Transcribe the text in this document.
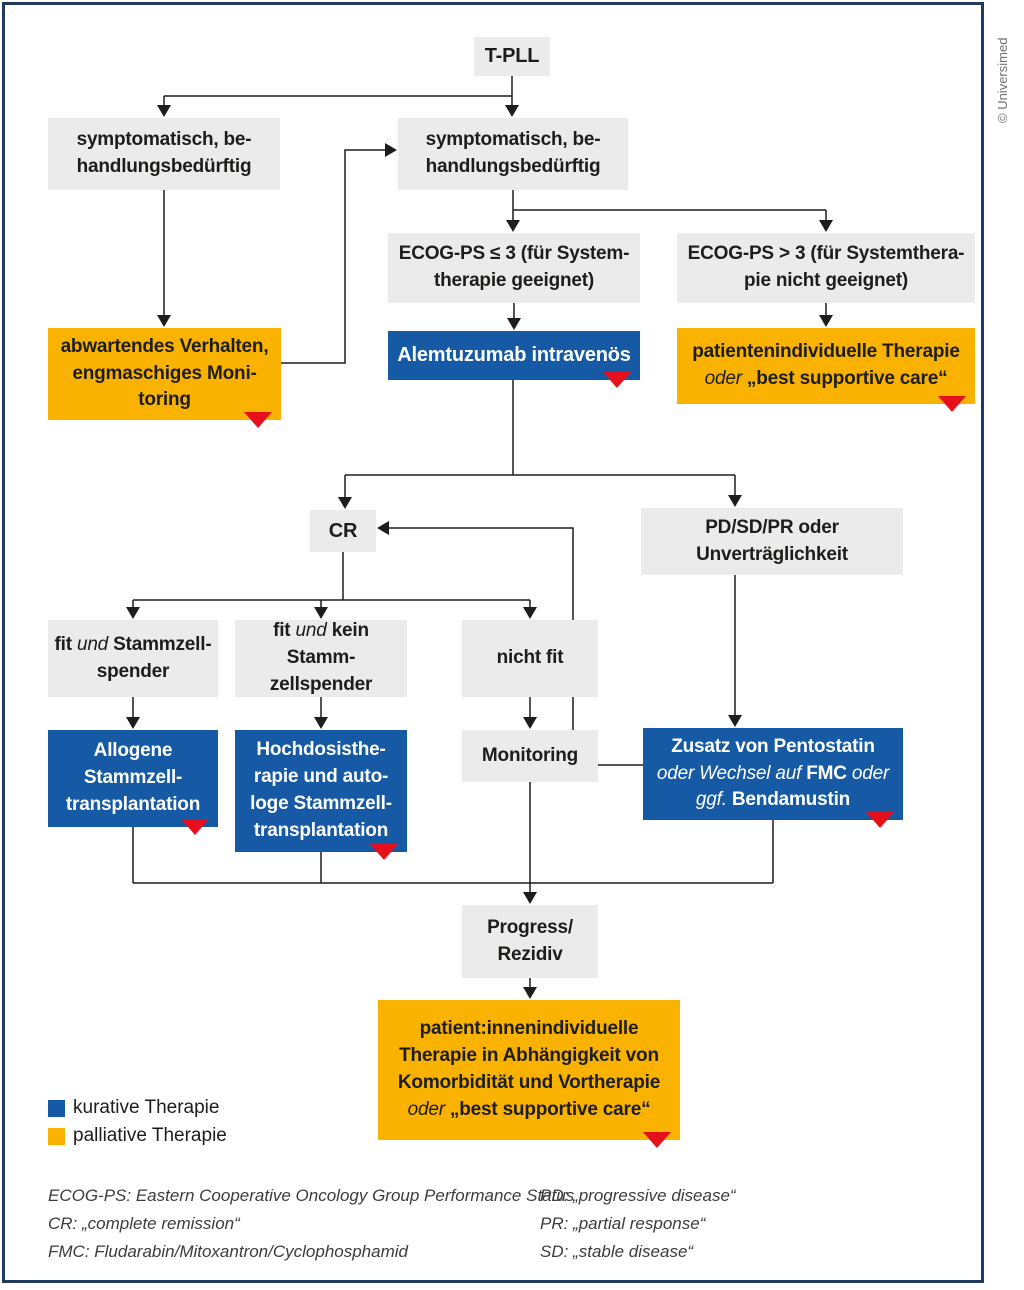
T-PLL
symptomatisch, be-
handlungsbedürftig
symptomatisch, be-
handlungsbedürftig
ECOG-PS ≤ 3 (für System-
therapie geeignet)
ECOG-PS > 3 (für Systemthera-
pie nicht geeignet)
abwartendes Verhalten,
engmaschiges Moni-
toring
Alemtuzumab intravenös	patientenindividuelle Therapie
oder „best supportive care“
CR	PD/SD/PR oder
Unverträglichkeit
fit und Stammzell-
spender
fit und kein Stamm-
zellspender
nicht fit
Allogene
Stammzell-
transplantation
Hochdosisthe-
rapie und auto-
loge Stammzell-
transplantation
Monitoring	Zusatz von Pentostatin
oder Wechsel auf FMC oder
ggf. Bendamustin
Progress/
Rezidiv
patient:innenindividuelle
Therapie in Abhängigkeit von
Komorbidität und Vortherapie
oder „best supportive care“
kurative Therapie
palliative Therapie
ECOG-PS: Eastern Cooperative Oncology Group Performance Status
CR: „complete remission“
FMC: Fludarabin/Mitoxantron/Cyclophosphamid
PD: „progressive disease“
PR: „partial response“
SD: „stable disease“
© Universimed
